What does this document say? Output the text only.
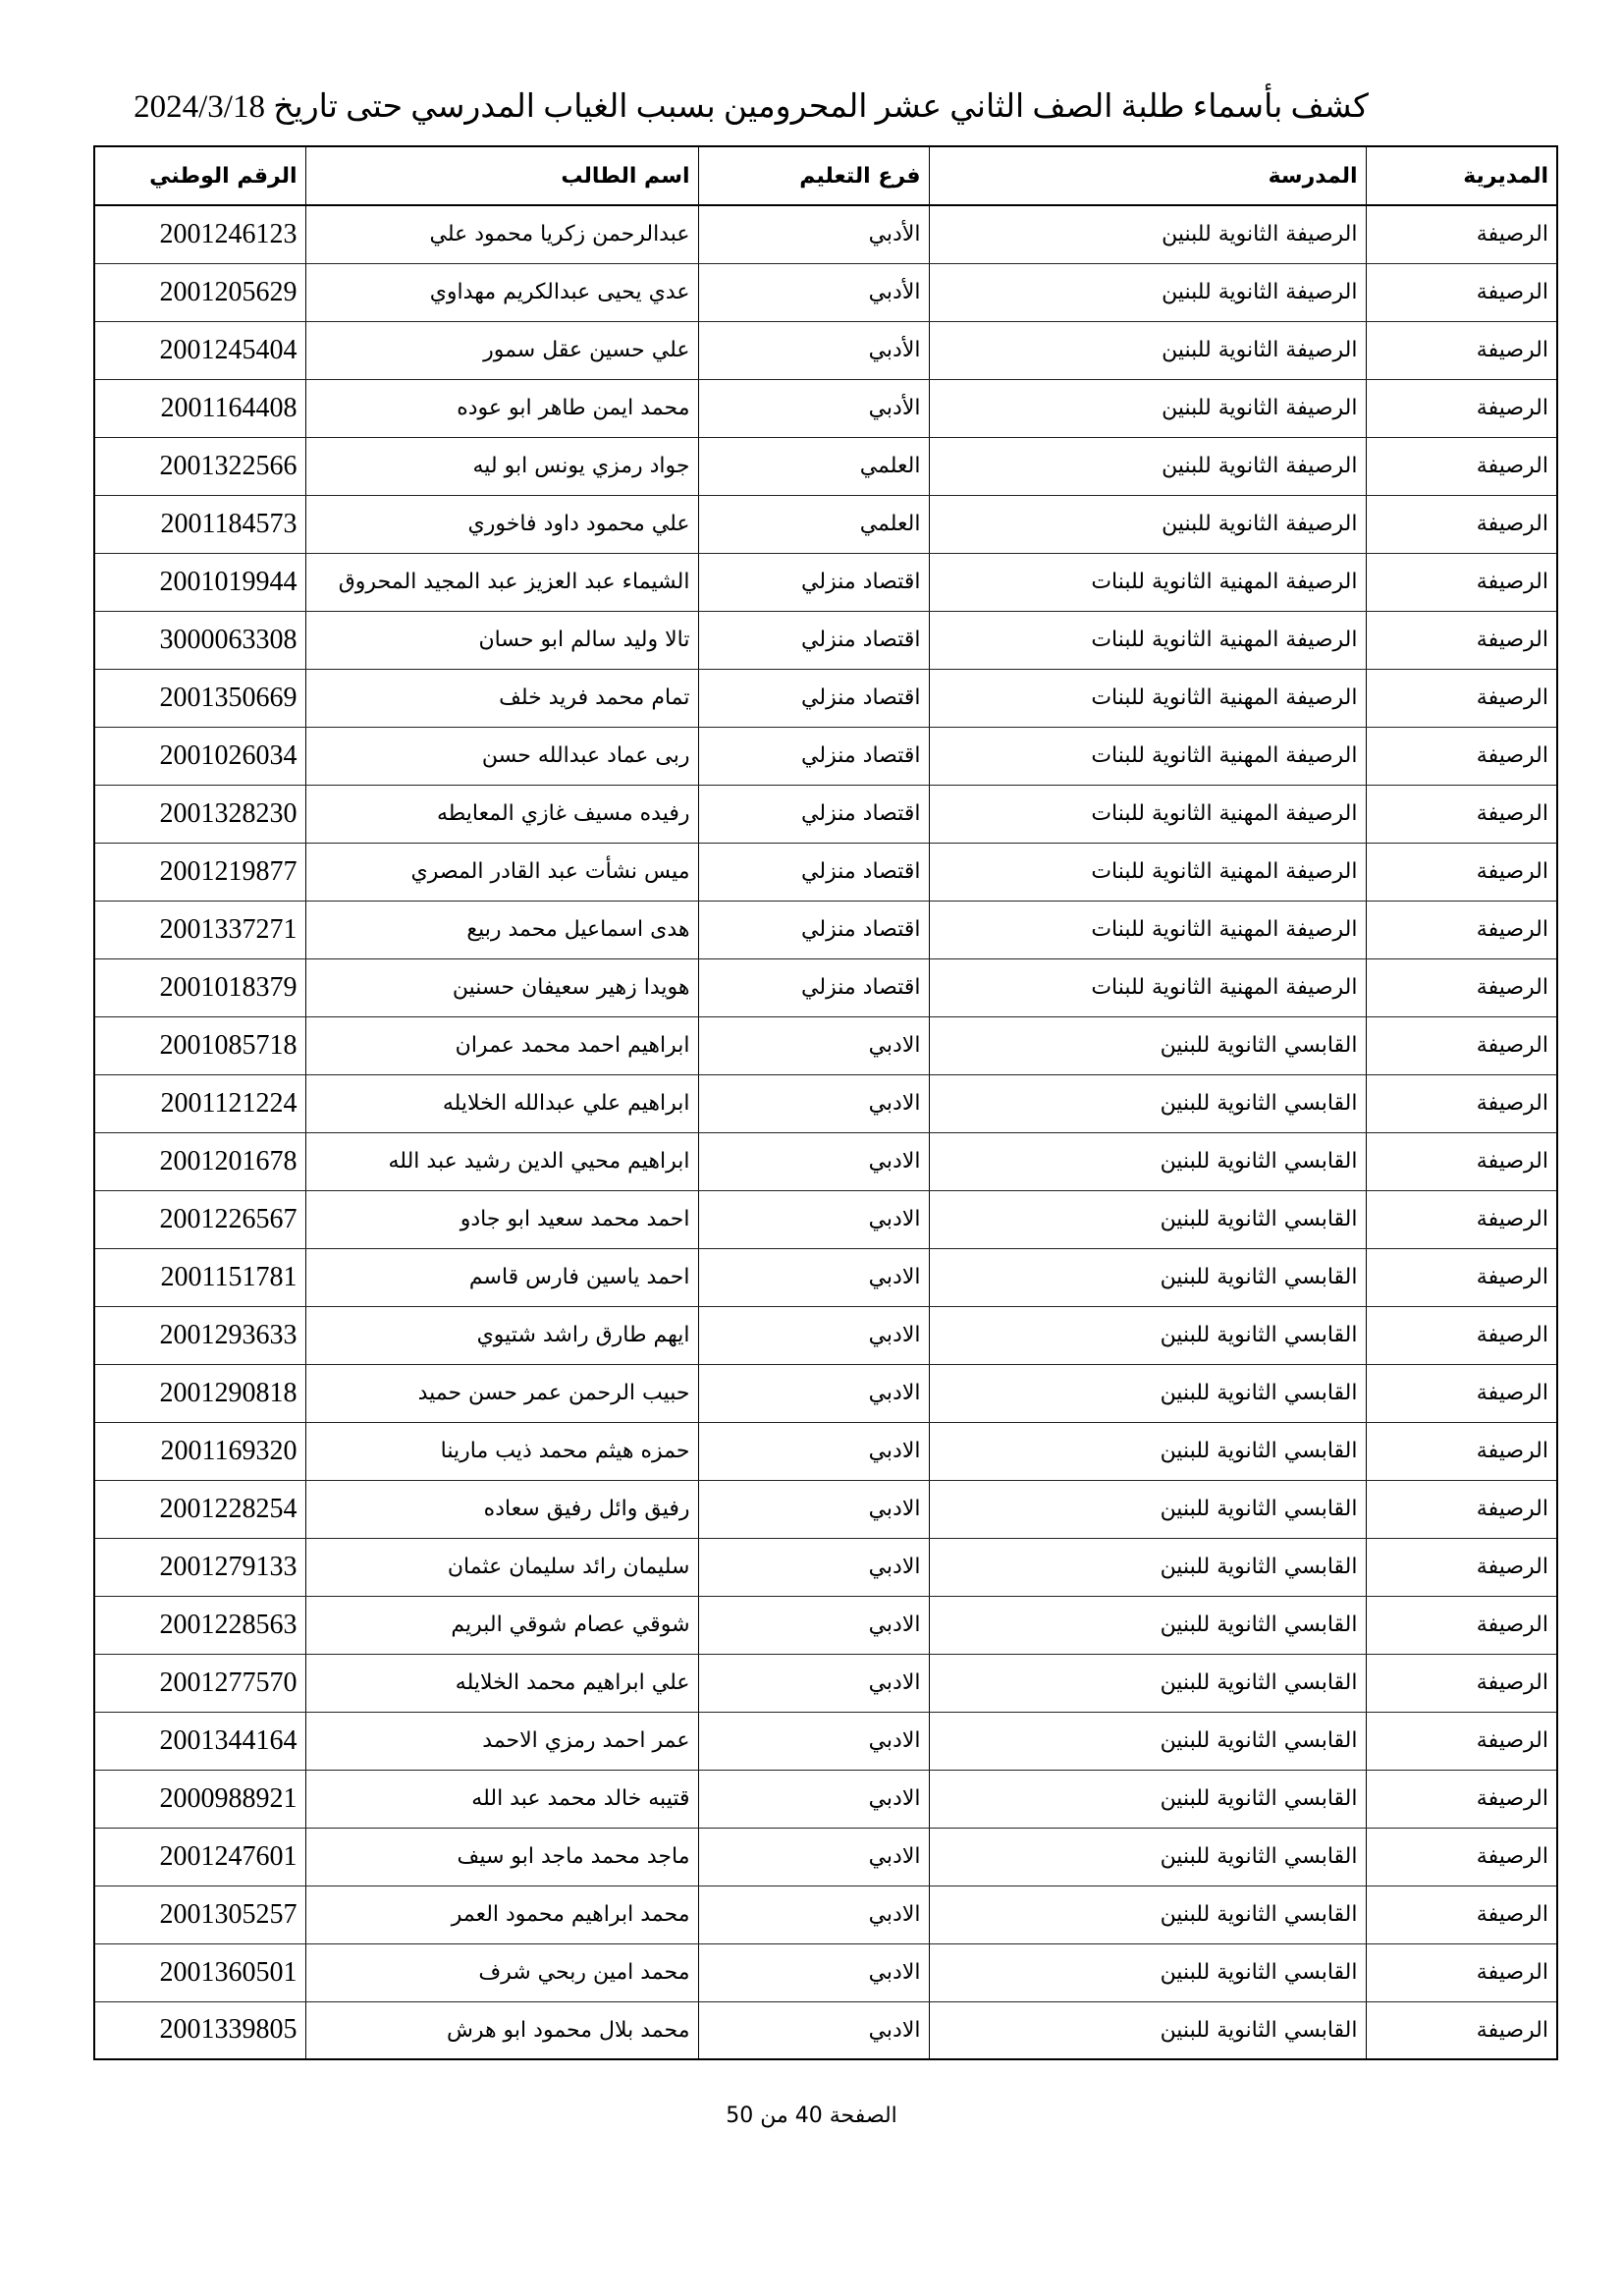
كشف بأسماء طلبة الصف الثاني عشر المحرومين بسبب الغياب المدرسي حتى تاريخ 2024/3/18
المديرية	المدرسة	فرع التعليم	اسم الطالب	الرقم الوطني
الرصيفة	الرصيفة الثانوية للبنين	الأدبي	عبدالرحمن زكريا محمود علي	2001246123
الرصيفة	الرصيفة الثانوية للبنين	الأدبي	عدي يحيى عبدالكريم مهداوي	2001205629
الرصيفة	الرصيفة الثانوية للبنين	الأدبي	علي حسين عقل سمور	2001245404
الرصيفة	الرصيفة الثانوية للبنين	الأدبي	محمد ايمن طاهر ابو عوده	2001164408
الرصيفة	الرصيفة الثانوية للبنين	العلمي	جواد رمزي يونس ابو ليه	2001322566
الرصيفة	الرصيفة الثانوية للبنين	العلمي	علي محمود داود فاخوري	2001184573
الرصيفة	الرصيفة المهنية الثانوية للبنات	اقتصاد منزلي	الشيماء عبد العزيز عبد المجيد المحروق	2001019944
الرصيفة	الرصيفة المهنية الثانوية للبنات	اقتصاد منزلي	تالا وليد سالم ابو حسان	3000063308
الرصيفة	الرصيفة المهنية الثانوية للبنات	اقتصاد منزلي	تمام محمد فريد خلف	2001350669
الرصيفة	الرصيفة المهنية الثانوية للبنات	اقتصاد منزلي	ربى عماد عبدالله حسن	2001026034
الرصيفة	الرصيفة المهنية الثانوية للبنات	اقتصاد منزلي	رفيده مسيف غازي المعايطه	2001328230
الرصيفة	الرصيفة المهنية الثانوية للبنات	اقتصاد منزلي	ميس نشأت عبد القادر المصري	2001219877
الرصيفة	الرصيفة المهنية الثانوية للبنات	اقتصاد منزلي	هدى اسماعيل محمد ربيع	2001337271
الرصيفة	الرصيفة المهنية الثانوية للبنات	اقتصاد منزلي	هويدا زهير سعيفان حسنين	2001018379
الرصيفة	القابسي الثانوية للبنين	الادبي	ابراهيم احمد محمد عمران	2001085718
الرصيفة	القابسي الثانوية للبنين	الادبي	ابراهيم علي عبدالله الخلايله	2001121224
الرصيفة	القابسي الثانوية للبنين	الادبي	ابراهيم محيي الدين رشيد عبد الله	2001201678
الرصيفة	القابسي الثانوية للبنين	الادبي	احمد محمد سعيد ابو جادو	2001226567
الرصيفة	القابسي الثانوية للبنين	الادبي	احمد ياسين فارس قاسم	2001151781
الرصيفة	القابسي الثانوية للبنين	الادبي	ايهم طارق راشد شتيوي	2001293633
الرصيفة	القابسي الثانوية للبنين	الادبي	حبيب الرحمن عمر حسن حميد	2001290818
الرصيفة	القابسي الثانوية للبنين	الادبي	حمزه هيثم محمد ذيب مارينا	2001169320
الرصيفة	القابسي الثانوية للبنين	الادبي	رفيق وائل رفيق سعاده	2001228254
الرصيفة	القابسي الثانوية للبنين	الادبي	سليمان رائد سليمان عثمان	2001279133
الرصيفة	القابسي الثانوية للبنين	الادبي	شوقي عصام شوقي البريم	2001228563
الرصيفة	القابسي الثانوية للبنين	الادبي	علي ابراهيم محمد الخلايله	2001277570
الرصيفة	القابسي الثانوية للبنين	الادبي	عمر احمد رمزي الاحمد	2001344164
الرصيفة	القابسي الثانوية للبنين	الادبي	قتيبه خالد محمد عبد الله	2000988921
الرصيفة	القابسي الثانوية للبنين	الادبي	ماجد محمد ماجد ابو سيف	2001247601
الرصيفة	القابسي الثانوية للبنين	الادبي	محمد ابراهيم محمود العمر	2001305257
الرصيفة	القابسي الثانوية للبنين	الادبي	محمد امين ربحي شرف	2001360501
الرصيفة	القابسي الثانوية للبنين	الادبي	محمد بلال محمود ابو هرش	2001339805
الصفحة 40 من 50
